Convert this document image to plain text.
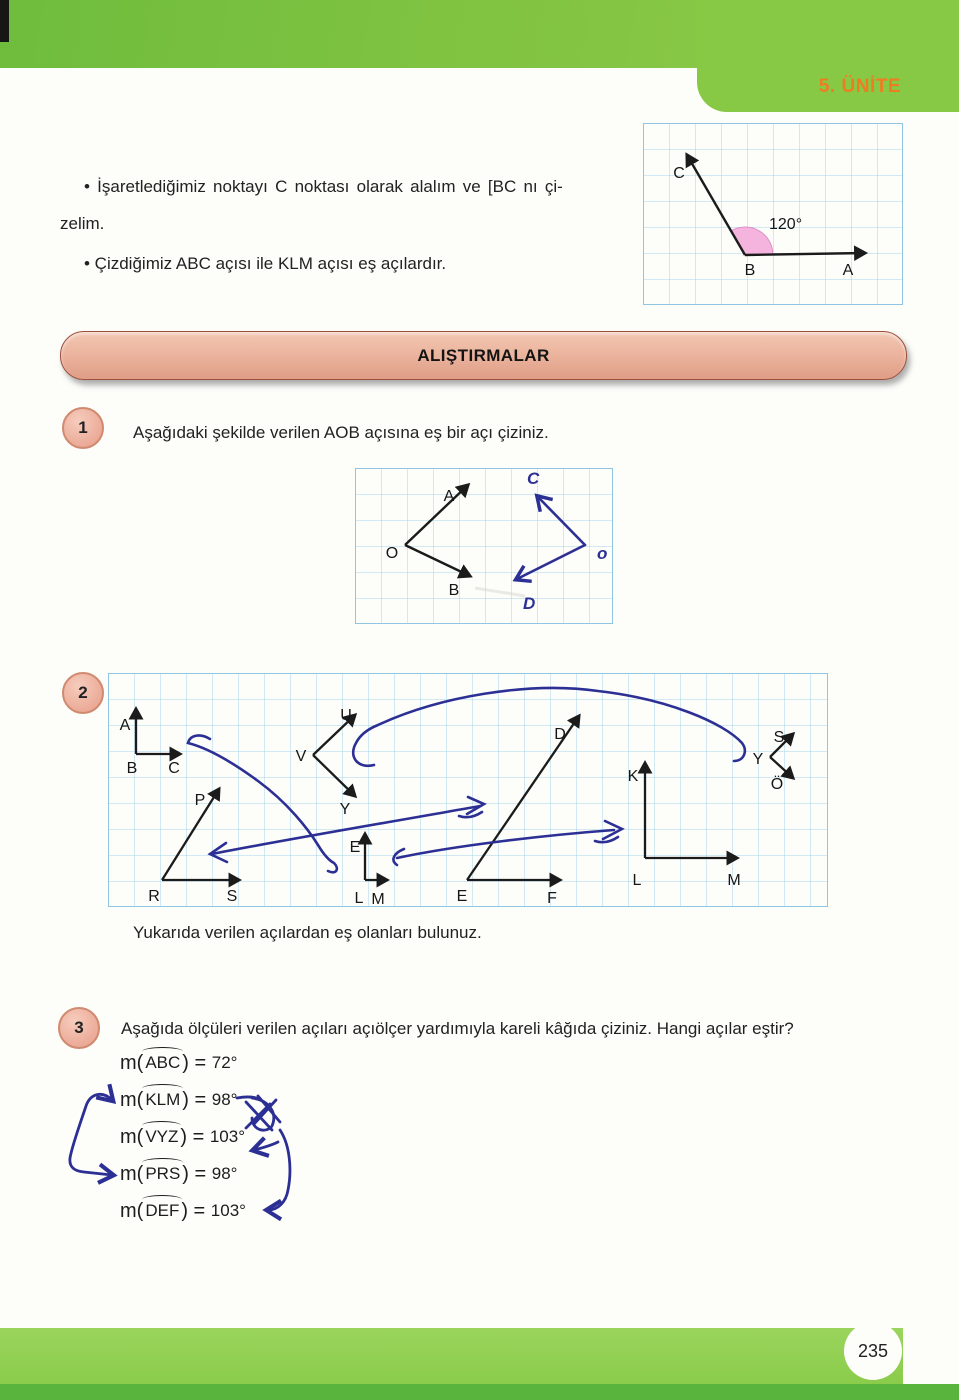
5. ÜNİTE
• İşaretlediğimiz noktayı C noktası olarak alalım ve [BC nı çi-
zelim.
• Çizdiğimiz ABC açısı ile KLM açısı eş açılardır.
C
120°
B	A
ALIŞTIRMALAR
1	Aşağıdaki şekilde verilen AOB açısına eş bir açı çiziniz.
O
A
B
C
o
D
2
A
B C
U
V
Y
P
R	S
E
L M
D
E	F
K
L	M
S
Y
Ö
Yukarıda verilen açılardan eş olanları bulunuz.
3	Aşağıda ölçüleri verilen açıları açıölçer yardımıyla kareli kâğıda çiziniz. Hangi açılar eştir?
m( ABC ) = 72°
m( KLM ) = 98°
m( VYZ ) = 103°
m( PRS ) = 98°
m( DEF ) = 103°
235
